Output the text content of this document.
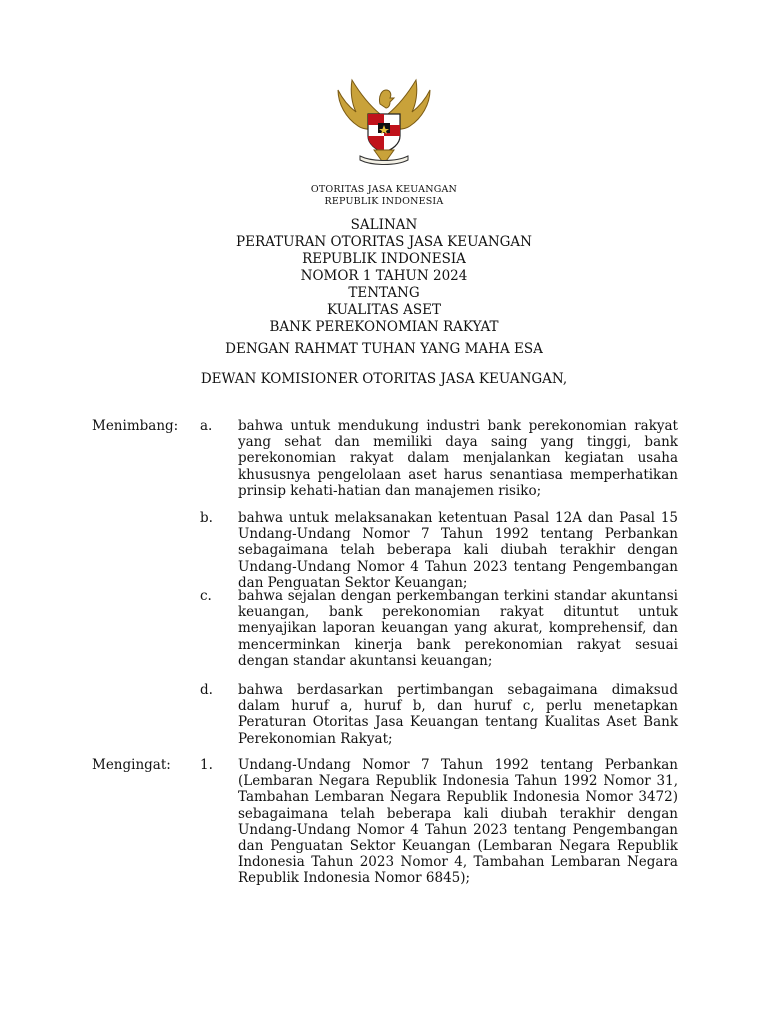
OTORITAS JASA KEUANGAN
REPUBLIK INDONESIA
SALINAN
PERATURAN OTORITAS JASA KEUANGAN
REPUBLIK INDONESIA
NOMOR 1 TAHUN 2024
TENTANG
KUALITAS ASET
BANK PEREKONOMIAN RAKYAT
DENGAN RAHMAT TUHAN YANG MAHA ESA
DEWAN KOMISIONER OTORITAS JASA KEUANGAN,
Menimbang: a. bahwa untuk mendukung industri bank perekonomian rakyat yang sehat dan memiliki daya saing yang tinggi, bank perekonomian rakyat dalam menjalankan kegiatan usaha khususnya pengelolaan aset harus senantiasa memperhatikan prinsip kehati-hatian dan manajemen risiko;
b. bahwa untuk melaksanakan ketentuan Pasal 12A dan Pasal 15 Undang-Undang Nomor 7 Tahun 1992 tentang Perbankan sebagaimana telah beberapa kali diubah terakhir dengan Undang-Undang Nomor 4 Tahun 2023 tentang Pengembangan dan Penguatan Sektor Keuangan;
c. bahwa sejalan dengan perkembangan terkini standar akuntansi keuangan, bank perekonomian rakyat dituntut untuk menyajikan laporan keuangan yang akurat, komprehensif, dan mencerminkan kinerja bank perekonomian rakyat sesuai dengan standar akuntansi keuangan;
d. bahwa berdasarkan pertimbangan sebagaimana dimaksud dalam huruf a, huruf b, dan huruf c, perlu menetapkan Peraturan Otoritas Jasa Keuangan tentang Kualitas Aset Bank Perekonomian Rakyat;
Mengingat: 1. Undang-Undang Nomor 7 Tahun 1992 tentang Perbankan (Lembaran Negara Republik Indonesia Tahun 1992 Nomor 31, Tambahan Lembaran Negara Republik Indonesia Nomor 3472) sebagaimana telah beberapa kali diubah terakhir dengan Undang-Undang Nomor 4 Tahun 2023 tentang Pengembangan dan Penguatan Sektor Keuangan (Lembaran Negara Republik Indonesia Tahun 2023 Nomor 4, Tambahan Lembaran Negara Republik Indonesia Nomor 6845);
